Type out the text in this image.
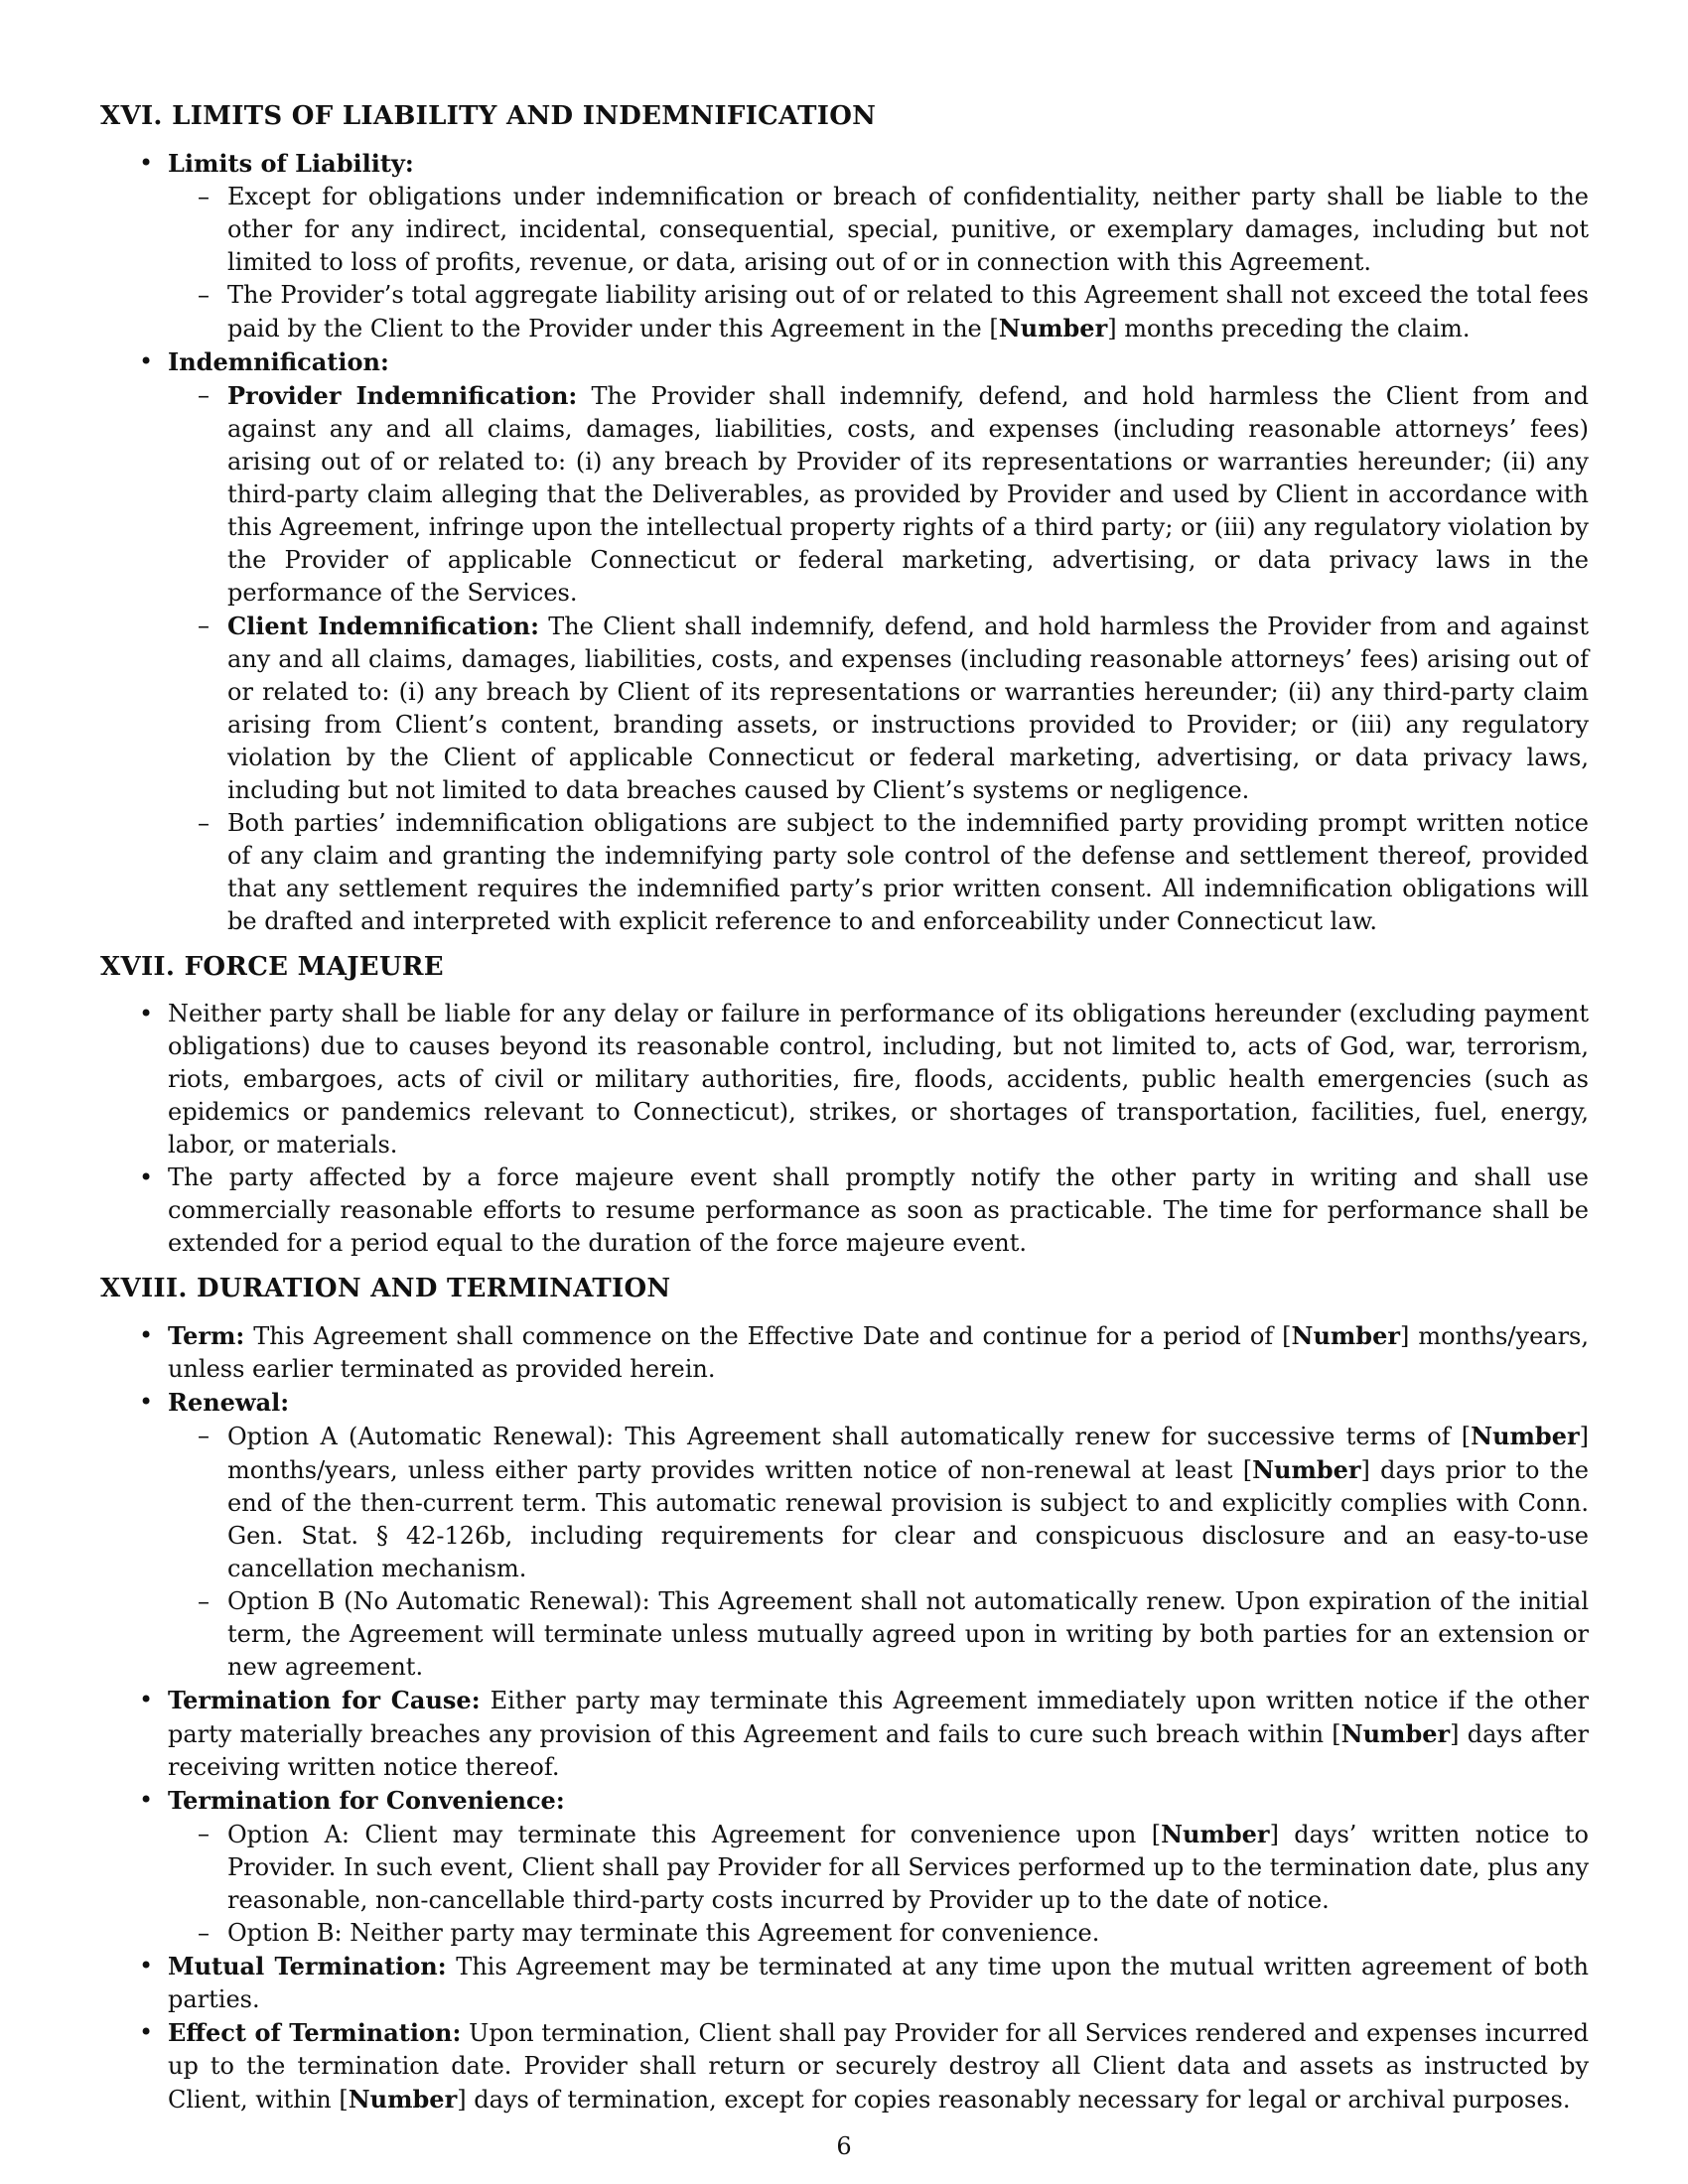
XVI. LIMITS OF LIABILITY AND INDEMNIFICATION
• Limits of Liability:
– Except for obligations under indemnification or breach of confidentiality, neither party shall be liable to the other for any indirect, incidental, consequential, special, punitive, or exemplary damages, including but not limited to loss of profits, revenue, or data, arising out of or in connection with this Agreement.
– The Provider’s total aggregate liability arising out of or related to this Agreement shall not exceed the total fees paid by the Client to the Provider under this Agreement in the [Number] months preceding the claim.
• Indemnification:
– Provider Indemnification: The Provider shall indemnify, defend, and hold harmless the Client from and against any and all claims, damages, liabilities, costs, and expenses (including reasonable attorneys’ fees) arising out of or related to: (i) any breach by Provider of its representations or warranties hereunder; (ii) any third-party claim alleging that the Deliverables, as provided by Provider and used by Client in accordance with this Agreement, infringe upon the intellectual property rights of a third party; or (iii) any regulatory violation by the Provider of applicable Connecticut or federal marketing, advertising, or data privacy laws in the performance of the Services.
– Client Indemnification: The Client shall indemnify, defend, and hold harmless the Provider from and against any and all claims, damages, liabilities, costs, and expenses (including reasonable attorneys’ fees) arising out of or related to: (i) any breach by Client of its representations or warranties hereunder; (ii) any third-party claim arising from Client’s content, branding assets, or instructions provided to Provider; or (iii) any regulatory violation by the Client of applicable Connecticut or federal marketing, advertising, or data privacy laws, including but not limited to data breaches caused by Client’s systems or negligence.
– Both parties’ indemnification obligations are subject to the indemnified party providing prompt written notice of any claim and granting the indemnifying party sole control of the defense and settlement thereof, provided that any settlement requires the indemnified party’s prior written consent. All indemnification obligations will be drafted and interpreted with explicit reference to and enforceability under Connecticut law.
XVII. FORCE MAJEURE
• Neither party shall be liable for any delay or failure in performance of its obligations hereunder (excluding payment obligations) due to causes beyond its reasonable control, including, but not limited to, acts of God, war, terrorism, riots, embargoes, acts of civil or military authorities, fire, floods, accidents, public health emergencies (such as epidemics or pandemics relevant to Connecticut), strikes, or shortages of transportation, facilities, fuel, energy, labor, or materials.
• The party affected by a force majeure event shall promptly notify the other party in writing and shall use commercially reasonable efforts to resume performance as soon as practicable. The time for performance shall be extended for a period equal to the duration of the force majeure event.
XVIII. DURATION AND TERMINATION
• Term: This Agreement shall commence on the Effective Date and continue for a period of [Number] months/years, unless earlier terminated as provided herein.
• Renewal:
– Option A (Automatic Renewal): This Agreement shall automatically renew for successive terms of [Number] months/years, unless either party provides written notice of non-renewal at least [Number] days prior to the end of the then-current term. This automatic renewal provision is subject to and explicitly complies with Conn. Gen. Stat. § 42-126b, including requirements for clear and conspicuous disclosure and an easy-to-use cancellation mechanism.
– Option B (No Automatic Renewal): This Agreement shall not automatically renew. Upon expiration of the initial term, the Agreement will terminate unless mutually agreed upon in writing by both parties for an extension or new agreement.
• Termination for Cause: Either party may terminate this Agreement immediately upon written notice if the other party materially breaches any provision of this Agreement and fails to cure such breach within [Number] days after receiving written notice thereof.
• Termination for Convenience:
– Option A: Client may terminate this Agreement for convenience upon [Number] days’ written notice to Provider. In such event, Client shall pay Provider for all Services performed up to the termination date, plus any reasonable, non-cancellable third-party costs incurred by Provider up to the date of notice.
– Option B: Neither party may terminate this Agreement for convenience.
• Mutual Termination: This Agreement may be terminated at any time upon the mutual written agreement of both parties.
• Effect of Termination: Upon termination, Client shall pay Provider for all Services rendered and expenses incurred up to the termination date. Provider shall return or securely destroy all Client data and assets as instructed by Client, within [Number] days of termination, except for copies reasonably necessary for legal or archival purposes.
6
